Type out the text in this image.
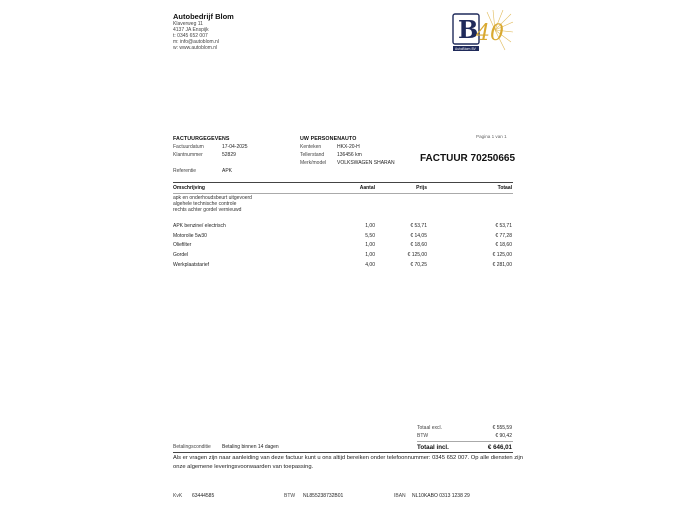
Autobedrijf Blom
Klaverweg 11
4137 JA Enspijk
t: 0345 652 007
m: info@autoblom.nl
w: www.autoblom.nl
B
40
AutoBlom BV
FACTUURGEGEVENS
Factuurdatum	17-04-2025
Klantnummer	52829
Referentie	APK
UW PERSONENAUTO
Kenteken	HKX-20-H
Tellerstand	136456 km
Merk/model VOLKSWAGEN SHARAN
Pagina 1 van 1
FACTUUR 70250665
Omschrijving	Aantal	Prijs	Totaal
apk en onderhoudsbeurt uitgevoerd
algehele technische controle
rechts achter gordel vernieuwd
APK benzine/ electrisch	1,00	€ 53,71	€ 53,71
Motorolie 5w30	5,50	€ 14,05	€ 77,28
Oliefilter	1,00	€ 18,60	€ 18,60
Gordel	1,00	€ 125,00	€ 125,00
Werkplaatstarief	4,00	€ 70,25	€ 281,00
Totaal excl.	€ 555,59
BTW	€ 90,42
Totaal incl.	€ 646,01
Betalingsconditie Betaling binnen 14 dagen
Als er vragen zijn naar aanleiding van deze factuur kunt u ons altijd bereiken onder telefoonnummer: 0345 652 007. Op alle diensten zijn onze algemene leveringsvoorwaarden van toepassing.
KvK 63444585	BTW NL855238732B01	IBAN NL10KABO 0313 1238 29
